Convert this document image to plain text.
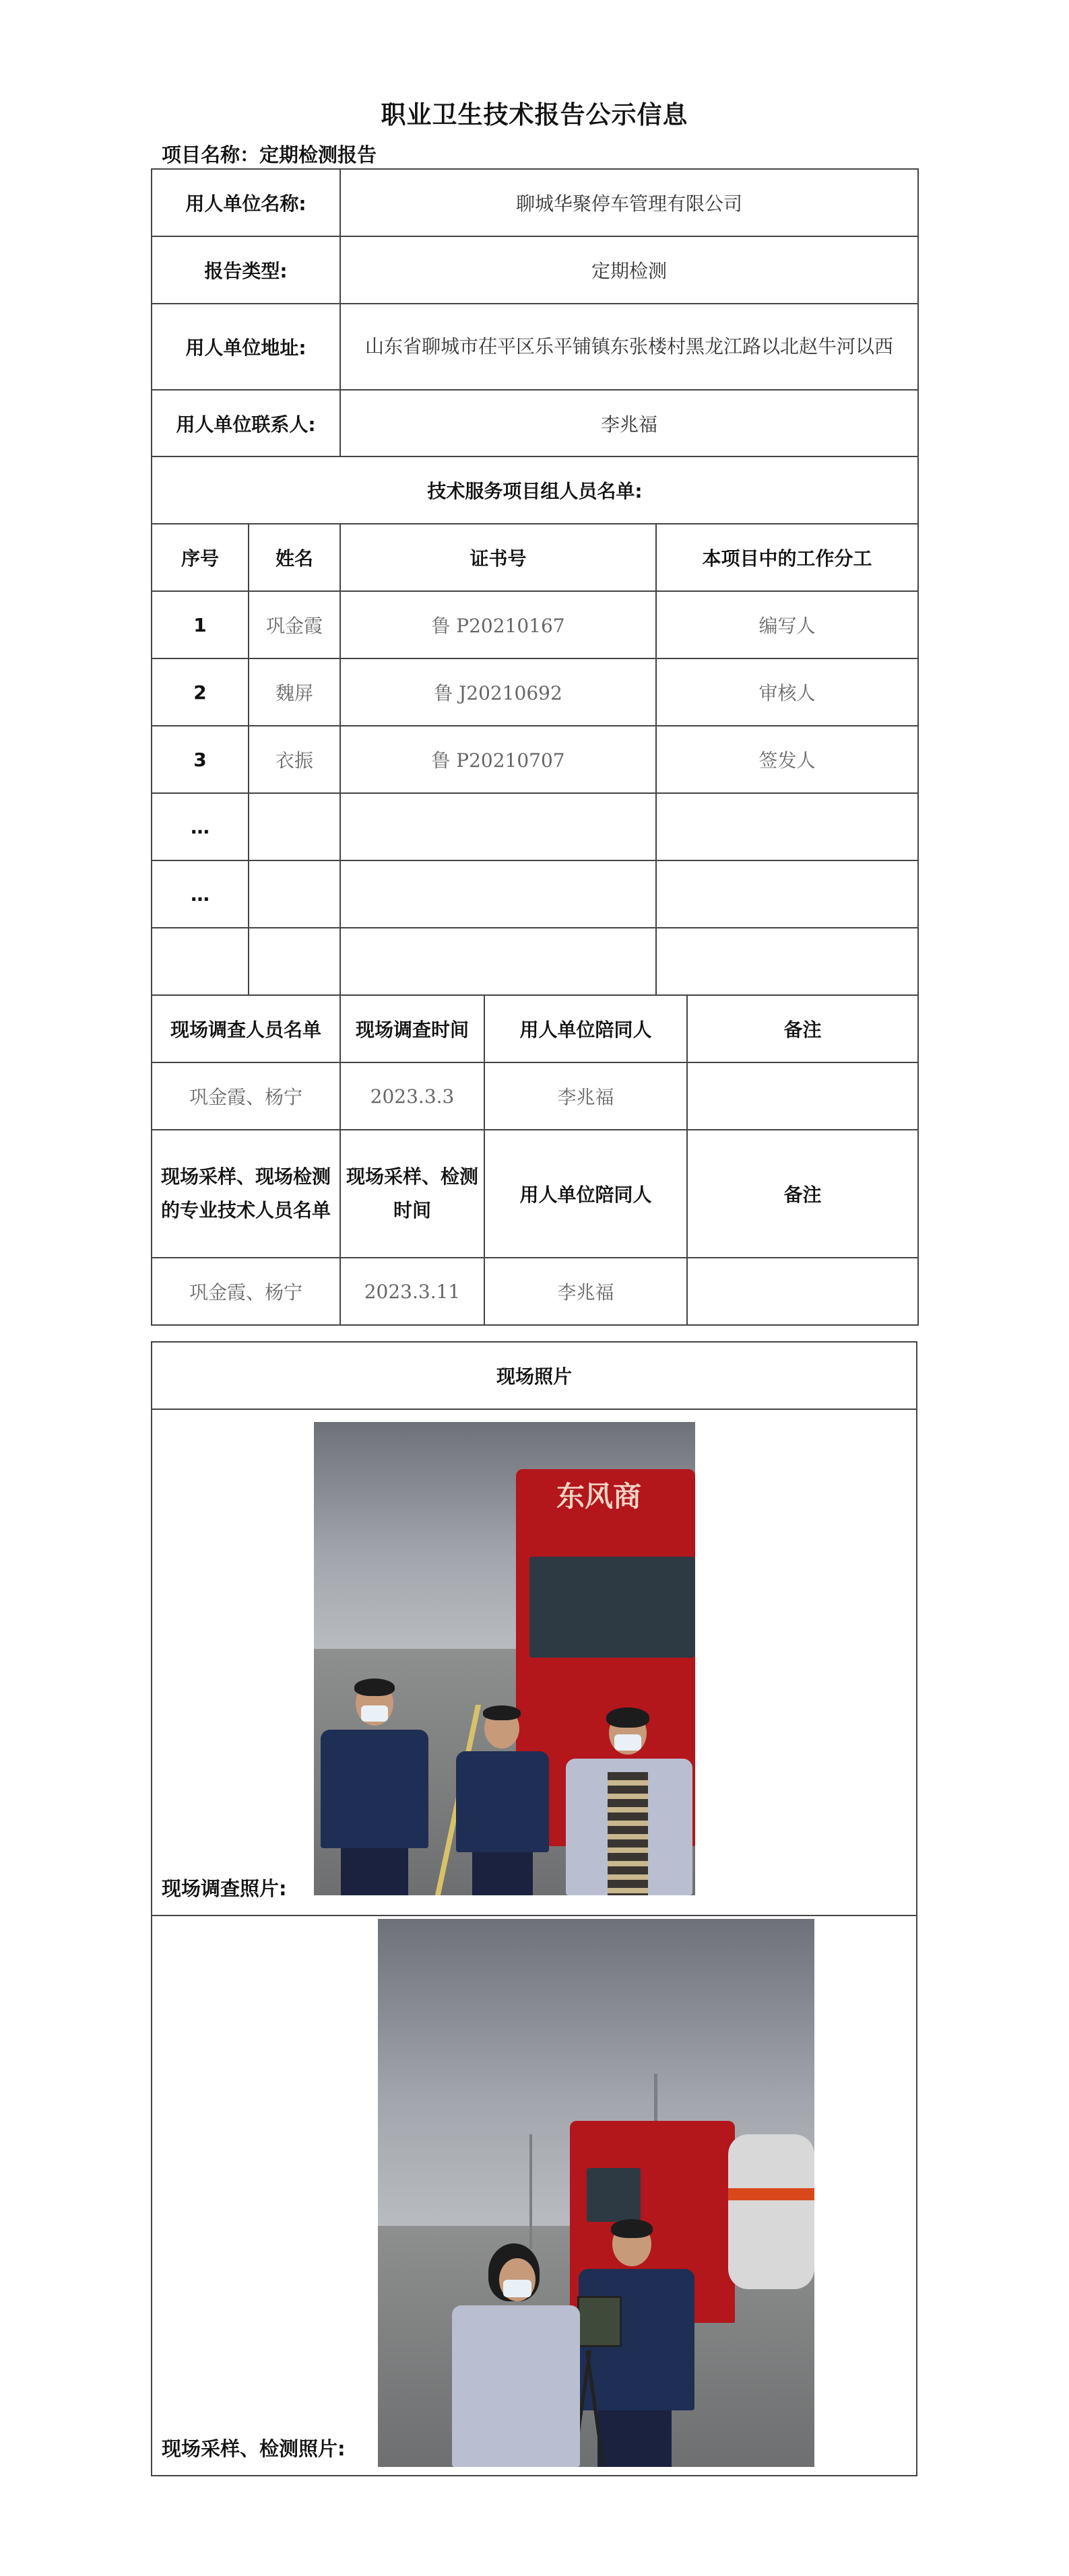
职业卫生技术报告公示信息
项目名称：定期检测报告
用人单位名称:		聊城华聚停车管理有限公司			
报告类型:		定期检测			
用人单位地址:		山东省聊城市茌平区乐平铺镇东张楼村黑龙江路以北赵牛河以西			
用人单位联系人:		李兆福			
技术服务项目组人员名单:					
序号	姓名	证书号		本项目中的工作分工	
1	巩金霞	鲁 P20210167		编写人	
2	魏屏	鲁 J20210692		审核人	
3	衣振	鲁 P20210707		签发人	
…					
…					

现场调查人员名单		现场调查时间	用人单位陪同人		备注
巩金霞、杨宁		2023.3.3	李兆福		
现场采样、现场检测的专业技术人员名单		现场采样、检测时间	用人单位陪同人		备注
巩金霞、杨宁		2023.3.11	李兆福		
现场照片

东风商
现场调查照片:

现场采样、检测照片:
